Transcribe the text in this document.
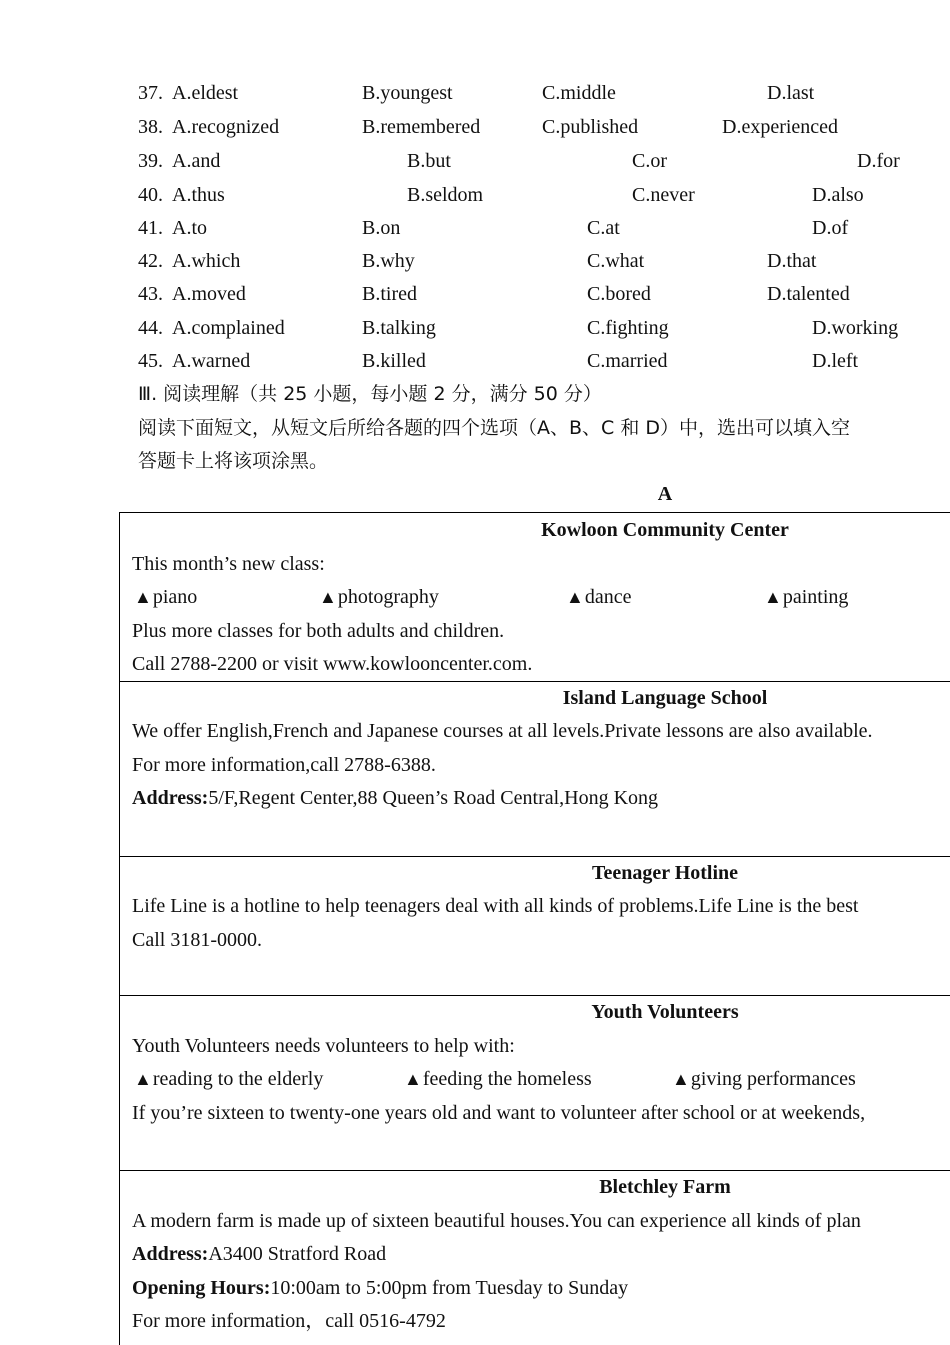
37. A.eldest	B.youngest	C.middle	D.last
38. A.recognized	B.remembered	C.published	D.experienced
39. A.and	B.but	C.or	D.for
40. A.thus	B.seldom	C.never	D.also
41. A.to	B.on	C.at	D.of
42. A.which	B.why	C.what	D.that
43. A.moved	B.tired	C.bored	D.talented
44. A.complained	B.talking	C.fighting	D.working
45. A.warned	B.killed	C.married	D.left
Ⅲ. 阅读理解（共 25 小题，每小题 2 分，满分 50 分）
阅读下面短文，从短文后所给各题的四个选项（A、B、C 和 D）中，选出可以填入空
答题卡上将该项涂黑。
A
Kowloon Community Center
This month’s new class:
▲piano	▲photography	▲dance	▲painting
Plus more classes for both adults and children.
Call 2788-2200 or visit www.kowlooncenter.com.
Island Language School
We offer English,French and Japanese courses at all levels.Private lessons are also available.
For more information,call 2788-6388.
Address:5/F,Regent Center,88 Queen’s Road Central,Hong Kong
Teenager Hotline
Life Line is a hotline to help teenagers deal with all kinds of problems.Life Line is the best
Call 3181-0000.
Youth Volunteers
Youth Volunteers needs volunteers to help with:
▲reading to the elderly	▲feeding the homeless	▲giving performances
If you’re sixteen to twenty-one years old and want to volunteer after school or at weekends,
Bletchley Farm
A modern farm is made up of sixteen beautiful houses.You can experience all kinds of plan
Address:A3400 Stratford Road
Opening Hours:10:00am to 5:00pm from Tuesday to Sunday
For more information，call 0516-4792
